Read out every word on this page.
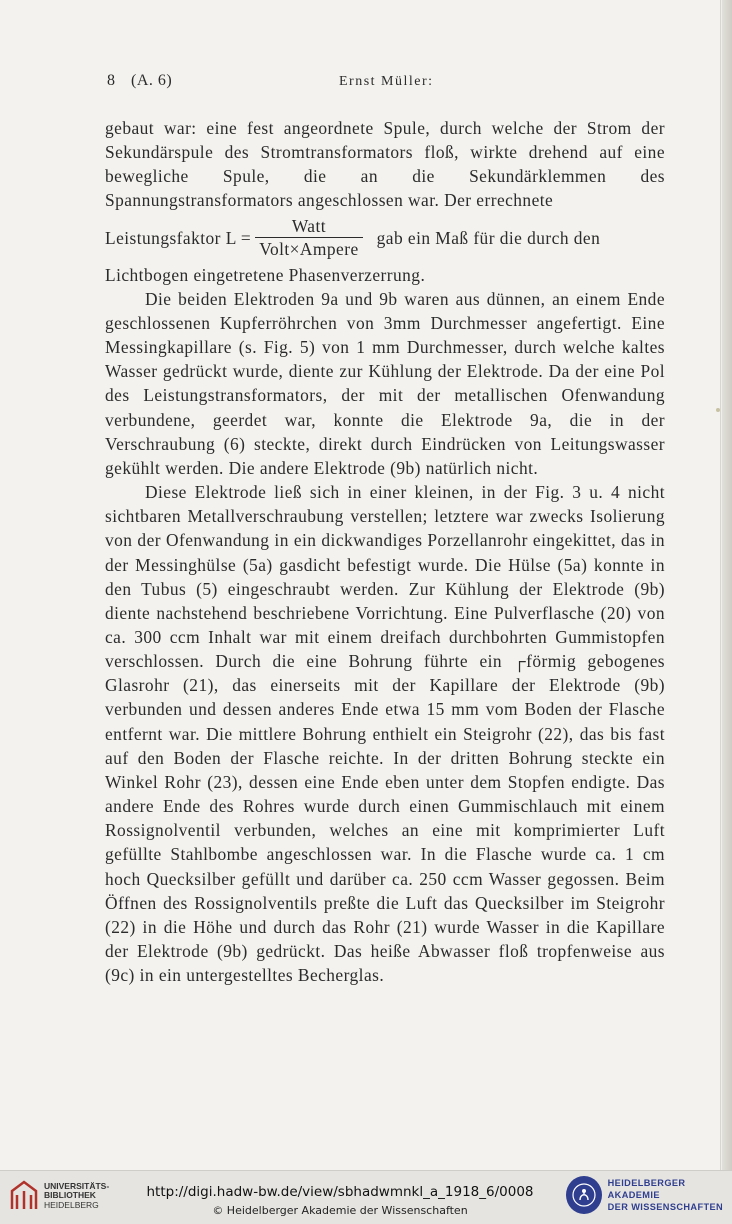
8 (A. 6)	Ernst Müller:

gebaut war: eine fest angeordnete Spule, durch welche der Strom der Sekundärspule des Stromtransformators floß, wirkte drehend auf eine bewegliche Spule, die an die Sekundärklemmen des Spannungstransformators angeschlossen war. Der errechnete

Leistungsfaktor $L = \frac{\text{Watt}}{\text{Volt×Ampere}}$ gab ein Maß für die durch den

Lichtbogen eingetretene Phasenverzerrung.

Die beiden Elektroden 9a und 9b waren aus dünnen, an einem Ende geschlossenen Kupferröhrchen von 3mm Durchmesser angefertigt. Eine Messingkapillare (s. Fig. 5) von 1 mm Durchmesser, durch welche kaltes Wasser gedrückt wurde, diente zur Kühlung der Elektrode. Da der eine Pol des Leistungstransformators, der mit der metallischen Ofenwandung verbundene, geerdet war, konnte die Elektrode 9a, die in der Verschraubung (6) steckte, direkt durch Eindrücken von Leitungswasser gekühlt werden. Die andere Elektrode (9b) natürlich nicht.

Diese Elektrode ließ sich in einer kleinen, in der Fig. 3 u. 4 nicht sichtbaren Metallverschraubung verstellen; letztere war zwecks Isolierung von der Ofenwandung in ein dickwandiges Porzellanrohr eingekittet, das in der Messinghülse (5a) gasdicht befestigt wurde. Die Hülse (5a) konnte in den Tubus (5) eingeschraubt werden. Zur Kühlung der Elektrode (9b) diente nachstehend beschriebene Vorrichtung. Eine Pulverflasche (20) von ca. 300 ccm Inhalt war mit einem dreifach durchbohrten Gummistopfen verschlossen. Durch die eine Bohrung führte ein ┌förmig gebogenes Glasrohr (21), das einerseits mit der Kapillare der Elektrode (9b) verbunden und dessen anderes Ende etwa 15 mm vom Boden der Flasche entfernt war. Die mittlere Bohrung enthielt ein Steigrohr (22), das bis fast auf den Boden der Flasche reichte. In der dritten Bohrung steckte ein Winkel Rohr (23), dessen eine Ende eben unter dem Stopfen endigte. Das andere Ende des Rohres wurde durch einen Gummischlauch mit einem Rossignolventil verbunden, welches an eine mit komprimierter Luft gefüllte Stahlbombe angeschlossen war. In die Flasche wurde ca. 1 cm hoch Quecksilber gefüllt und darüber ca. 250 ccm Wasser gegossen. Beim Öffnen des Rossignolventils preßte die Luft das Quecksilber im Steigrohr (22) in die Höhe und durch das Rohr (21) wurde Wasser in die Kapillare der Elektrode (9b) gedrückt. Das heiße Abwasser floß tropfenweise aus (9c) in ein untergestelltes Becherglas.

UNIVERSITÄTS-
BIBLIOTHEK
HEIDELBERG
http://digi.hadw-bw.de/view/sbhadwmnkl_a_1918_6/0008
© Heidelberger Akademie der Wissenschaften
HEIDELBERGER AKADEMIE
DER WISSENSCHAFTEN
